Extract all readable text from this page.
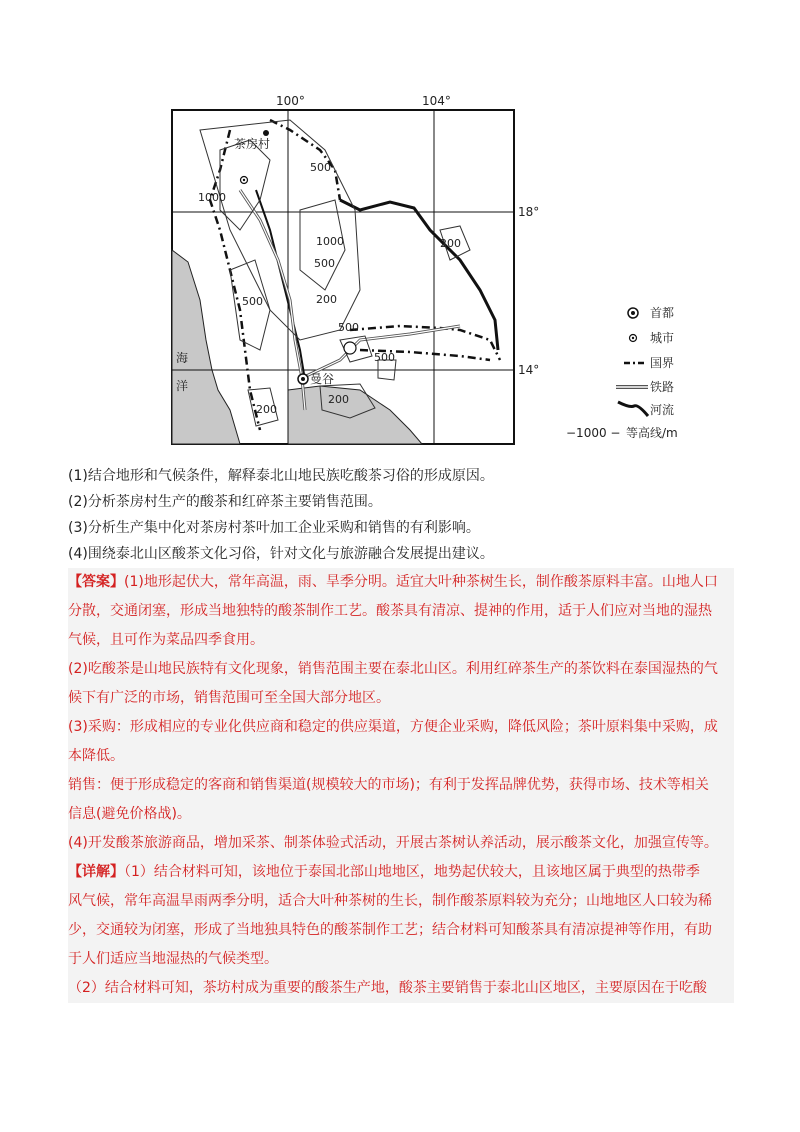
100°	104°
18°
14°
茶房村
曼谷
海
洋
500
1000
1000
500
200
500
500
500
200
200
200
首都
城市
国界
铁路
河流
−1000 − 等高线/m
(1)结合地形和气候条件，解释泰北山地民族吃酸茶习俗的形成原因。
(2)分析茶房村生产的酸茶和红碎茶主要销售范围。
(3)分析生产集中化对茶房村茶叶加工企业采购和销售的有利影响。
(4)围绕泰北山区酸茶文化习俗，针对文化与旅游融合发展提出建议。

【答案】(1)地形起伏大，常年高温，雨、旱季分明。适宜大叶种茶树生长，制作酸茶原料丰富。山地人口

分散，交通闭塞，形成当地独特的酸茶制作工艺。酸茶具有清凉、提神的作用，适于人们应对当地的湿热

气候，且可作为菜品四季食用。

(2)吃酸茶是山地民族特有文化现象，销售范围主要在泰北山区。利用红碎茶生产的茶饮料在泰国湿热的气

候下有广泛的市场，销售范围可至全国大部分地区。

(3)采购：形成相应的专业化供应商和稳定的供应渠道，方便企业采购，降低风险；茶叶原料集中采购，成

本降低。

销售：便于形成稳定的客商和销售渠道(规模较大的市场)；有利于发挥品牌优势，获得市场、技术等相关

信息(避免价格战)。

(4)开发酸茶旅游商品，增加采茶、制茶体验式活动，开展古茶树认养活动，展示酸茶文化，加强宣传等。

【详解】（1）结合材料可知，该地位于泰国北部山地地区，地势起伏较大，且该地区属于典型的热带季

风气候，常年高温旱雨两季分明，适合大叶种茶树的生长，制作酸茶原料较为充分；山地地区人口较为稀

少，交通较为闭塞，形成了当地独具特色的酸茶制作工艺；结合材料可知酸茶具有清凉提神等作用，有助

于人们适应当地湿热的气候类型。

（2）结合材料可知，茶坊村成为重要的酸茶生产地，酸茶主要销售于泰北山区地区，主要原因在于吃酸
